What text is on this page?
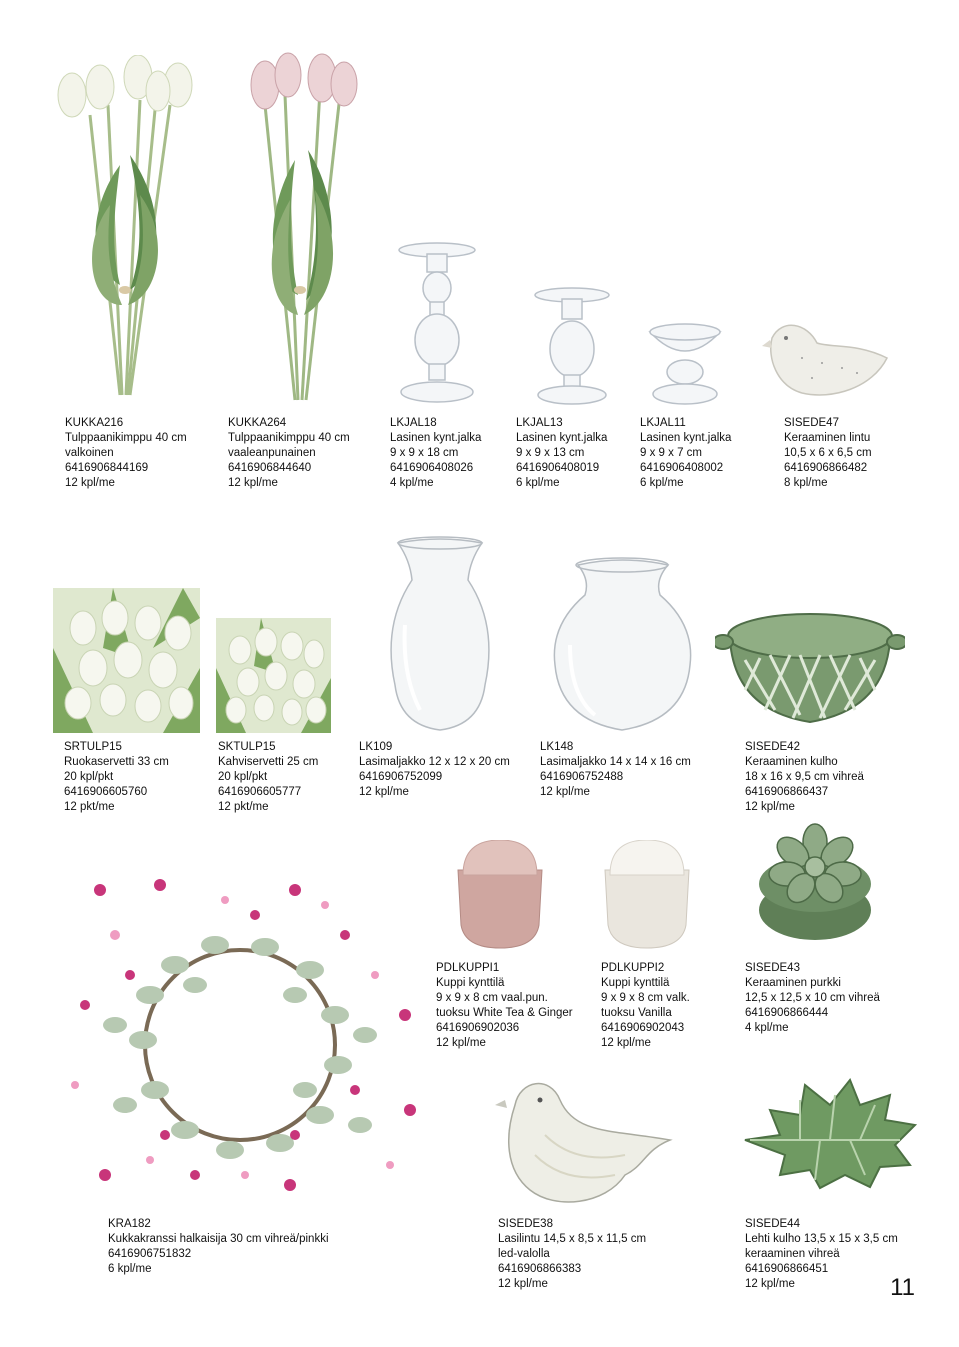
KUKKA216
Tulppaanikimppu 40 cm
valkoinen
6416906844169
12 kpl/me
KUKKA264
Tulppaanikimppu 40 cm
vaaleanpunainen
6416906844640
12 kpl/me
LKJAL18
Lasinen kynt.jalka
9 x 9 x 18 cm
6416906408026
4 kpl/me
LKJAL13
Lasinen kynt.jalka
9 x 9 x 13 cm
6416906408019
6 kpl/me
LKJAL11
Lasinen kynt.jalka
9 x 9 x 7 cm
6416906408002
6 kpl/me
SISEDE47
Keraaminen lintu
10,5 x 6 x 6,5 cm
6416906866482
8 kpl/me
SRTULP15
Ruokaservetti 33 cm
20 kpl/pkt
6416906605760
12 pkt/me
SKTULP15
Kahviservetti 25 cm
20 kpl/pkt
6416906605777
12 pkt/me
LK109
Lasimaljakko 12 x 12 x 20 cm
6416906752099
12 kpl/me
LK148
Lasimaljakko 14 x 14 x 16 cm
6416906752488
12 kpl/me
SISEDE42
Keraaminen kulho
18 x 16 x 9,5 cm vihreä
6416906866437
12 kpl/me
PDLKUPPI1
Kuppi kynttilä
9 x 9 x 8 cm vaal.pun.
tuoksu White Tea & Ginger
6416906902036
12 kpl/me
PDLKUPPI2
Kuppi kynttilä
9 x 9 x 8 cm valk.
tuoksu Vanilla
6416906902043
12 kpl/me
SISEDE43
Keraaminen purkki
12,5 x 12,5 x 10 cm vihreä
6416906866444
4 kpl/me
KRA182
Kukkakranssi halkaisija 30 cm vihreä/pinkki
6416906751832
6 kpl/me
SISEDE38
Lasilintu 14,5 x 8,5 x 11,5 cm
led-valolla
6416906866383
12 kpl/me
SISEDE44
Lehti kulho 13,5 x 15 x 3,5 cm
keraaminen vihreä
6416906866451
12 kpl/me	11
